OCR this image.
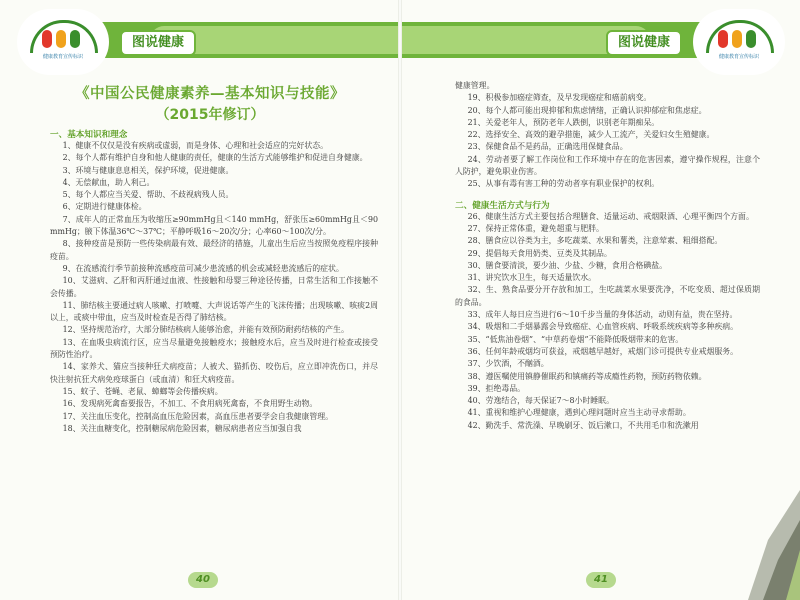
健康教育宣传标识
图说健康
《中国公民健康素养—基本知识与技能》
（2015年修订）

一、基本知识和理念

1、健康不仅仅是没有疾病或虚弱，而是身体、心理和社会适应的完好状态。

2、每个人都有维护自身和他人健康的责任，健康的生活方式能够维护和促进自身健康。

3、环境与健康息息相关，保护环境，促进健康。

4、无偿献血，助人利己。

5、每个人都应当关爱、帮助、不歧视病残人员。

6、定期进行健康体检。

7、成年人的正常血压为收缩压≥90mmHg且＜140 mmHg，舒张压≥60mmHg且＜90 mmHg；腋下体温36℃～37℃；平静呼吸16～20次/分；心率60～100次/分。

8、接种疫苗是预防一些传染病最有效、最经济的措施，儿童出生后应当按照免疫程序接种疫苗。

9、在流感流行季节前接种流感疫苗可减少患流感的机会或减轻患流感后的症状。

10、艾滋病、乙肝和丙肝通过血液、性接触和母婴三种途径传播，日常生活和工作接触不会传播。

11、肺结核主要通过病人咳嗽、打喷嚏、大声说话等产生的飞沫传播；出现咳嗽、咳痰2周以上，或痰中带血，应当及时检查是否得了肺结核。

12、坚持规范治疗，大部分肺结核病人能够治愈，并能有效预防耐药结核的产生。

13、在血吸虫病流行区，应当尽量避免接触疫水；接触疫水后，应当及时进行检查或接受预防性治疗。

14、家养犬、猫应当接种狂犬病疫苗；人被犬、猫抓伤、咬伤后，应立即冲洗伤口，并尽快注射抗狂犬病免疫球蛋白（或血清）和狂犬病疫苗。

15、蚊子、苍蝇、老鼠、蟑螂等会传播疾病。

16、发现病死禽畜要报告，不加工、不食用病死禽畜，不食用野生动物。

17、关注血压变化，控制高血压危险因素，高血压患者要学会自我健康管理。

18、关注血糖变化，控制糖尿病危险因素，糖尿病患者应当加强自我

40
图说健康
健康教育宣传标识

健康管理。

19、积极参加癌症筛查，及早发现癌症和癌前病变。

20、每个人都可能出现抑郁和焦虑情绪，正确认识抑郁症和焦虑症。

21、关爱老年人，预防老年人跌倒，识别老年期痴呆。

22、选择安全、高效的避孕措施，减少人工流产，关爱妇女生殖健康。

23、保健食品不是药品，正确选用保健食品。

24、劳动者要了解工作岗位和工作环境中存在的危害因素，遵守操作规程，注意个人防护，避免职业伤害。

25、从事有毒有害工种的劳动者享有职业保护的权利。

二、健康生活方式与行为

26、健康生活方式主要包括合理膳食、适量运动、戒烟限酒、心理平衡四个方面。

27、保持正常体重，避免超重与肥胖。

28、膳食应以谷类为主，多吃蔬菜、水果和薯类，注意荤素、粗细搭配。

29、提倡每天食用奶类、豆类及其制品。

30、膳食要清淡，要少油、少盐、少糖，食用合格碘盐。

31、讲究饮水卫生，每天适量饮水。

32、生、熟食品要分开存放和加工，生吃蔬菜水果要洗净，不吃变质、超过保质期的食品。

33、成年人每日应当进行6～10千步当量的身体活动，动则有益，贵在坚持。

34、吸烟和二手烟暴露会导致癌症、心血管疾病、呼吸系统疾病等多种疾病。

35、“低焦油卷烟”、“中草药卷烟”不能降低吸烟带来的危害。

36、任何年龄戒烟均可获益，戒烟越早越好，戒烟门诊可提供专业戒烟服务。

37、少饮酒，不酗酒。

38、遵医嘱使用镇静催眠药和镇痛药等成瘾性药物，预防药物依赖。

39、拒绝毒品。

40、劳逸结合，每天保证7～8小时睡眠。

41、重视和维护心理健康，遇到心理问题时应当主动寻求帮助。

42、勤洗手、常洗澡、早晚刷牙、饭后漱口，不共用毛巾和洗漱用

41
